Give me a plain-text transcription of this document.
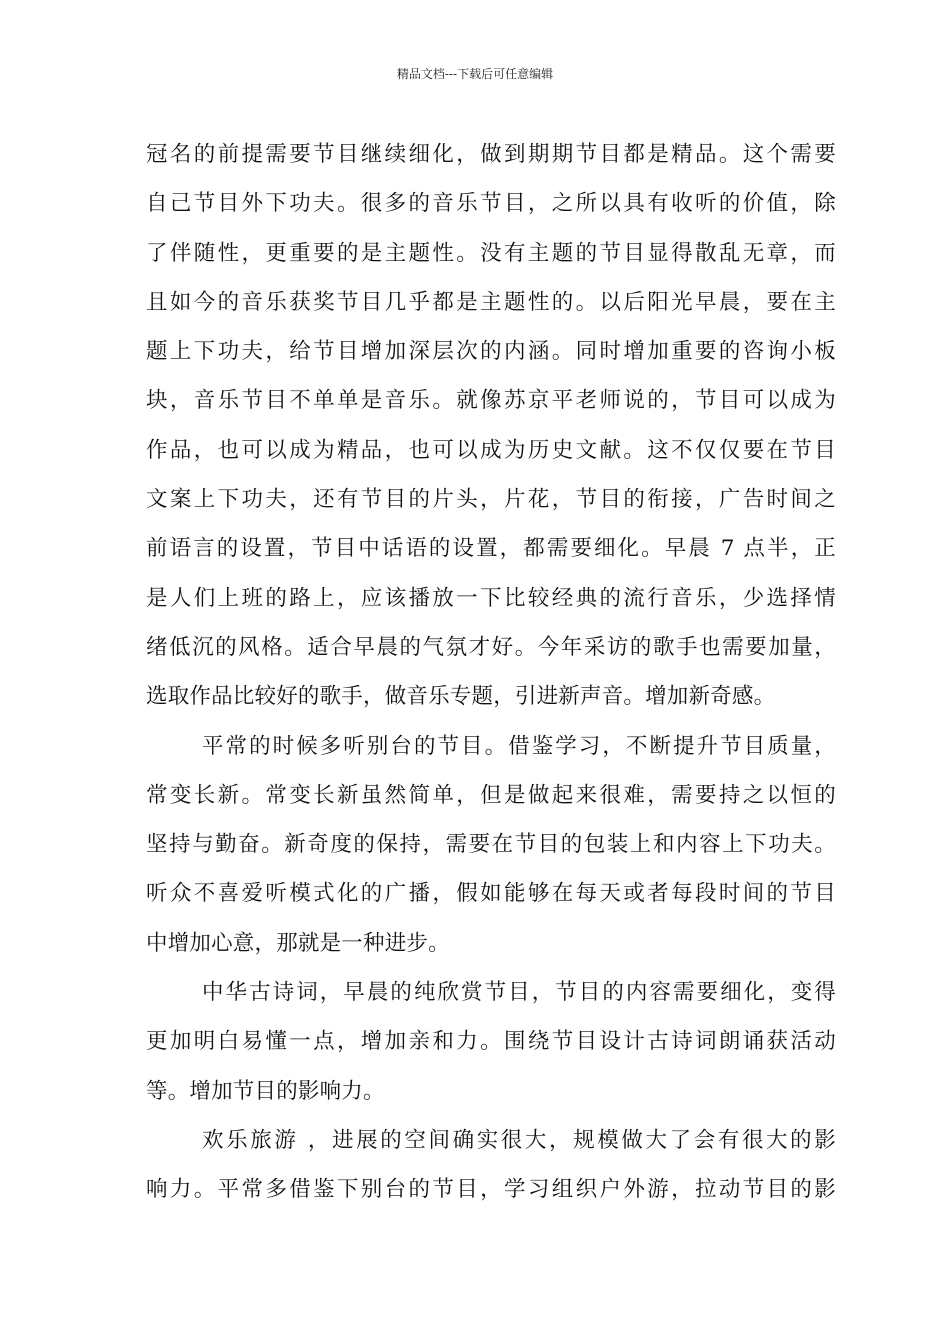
精品文档---下载后可任意编辑
冠名的前提需要节目继续细化，做到期期节目都是精品。这个需要
自己节目外下功夫。很多的音乐节目，之所以具有收听的价值，除
了伴随性，更重要的是主题性。没有主题的节目显得散乱无章，而
且如今的音乐获奖节目几乎都是主题性的。以后阳光早晨，要在主
题上下功夫，给节目增加深层次的内涵。同时增加重要的咨询小板
块，音乐节目不单单是音乐。就像苏京平老师说的，节目可以成为
作品，也可以成为精品，也可以成为历史文献。这不仅仅要在节目
文案上下功夫，还有节目的片头，片花，节目的衔接，广告时间之
前语言的设置，节目中话语的设置，都需要细化。早晨 7 点半，正
是人们上班的路上，应该播放一下比较经典的流行音乐，少选择情
绪低沉的风格。适合早晨的气氛才好。今年采访的歌手也需要加量，
选取作品比较好的歌手，做音乐专题，引进新声音。增加新奇感。
平常的时候多听别台的节目。借鉴学习，不断提升节目质量，
常变长新。常变长新虽然简单，但是做起来很难，需要持之以恒的
坚持与勤奋。新奇度的保持，需要在节目的包装上和内容上下功夫。
听众不喜爱听模式化的广播，假如能够在每天或者每段时间的节目
中增加心意，那就是一种进步。
中华古诗词，早晨的纯欣赏节目，节目的内容需要细化，变得
更加明白易懂一点，增加亲和力。围绕节目设计古诗词朗诵获活动
等。增加节目的影响力。
欢乐旅游 ，进展的空间确实很大，规模做大了会有很大的影
响力。平常多借鉴下别台的节目，学习组织户外游，拉动节目的影
